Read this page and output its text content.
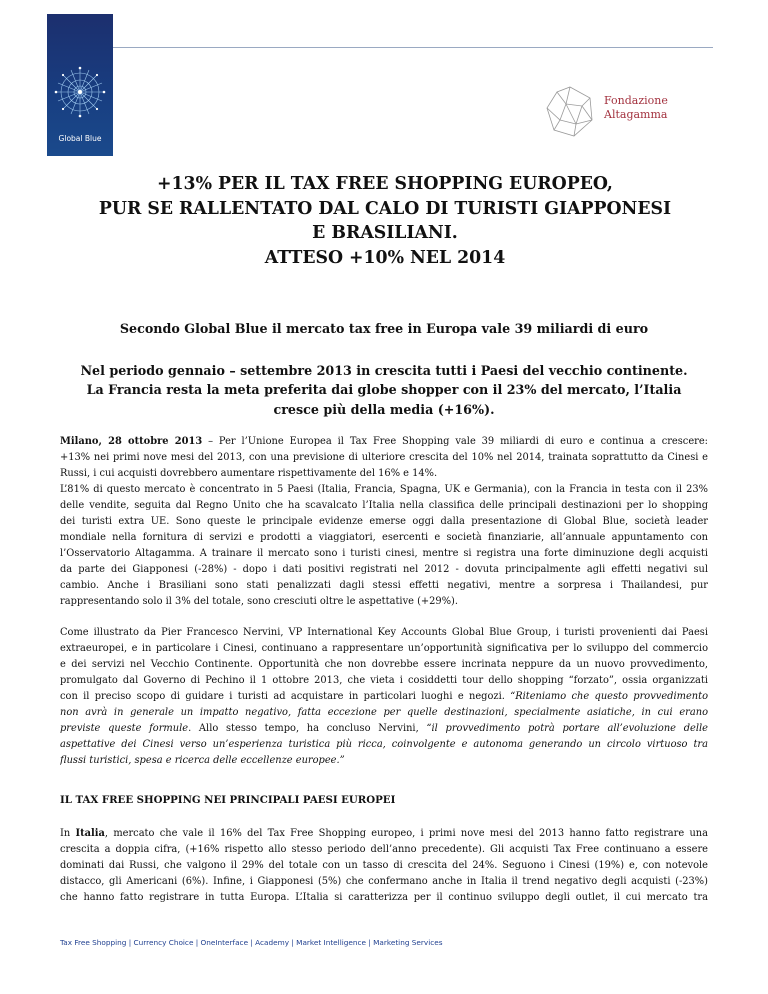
Global Blue
Fondazione
Altagamma
+13% PER IL TAX FREE SHOPPING EUROPEO,
PUR SE RALLENTATO DAL CALO DI TURISTI GIAPPONESI
E BRASILIANI.
ATTESO +10% NEL 2014
Secondo Global Blue il mercato tax free in Europa vale 39 miliardi di euro
Nel periodo gennaio – settembre 2013 in crescita tutti i Paesi del vecchio continente.
La Francia resta la meta preferita dai globe shopper con il 23% del mercato, l’Italia
cresce più della media (+16%).
Milano, 28 ottobre 2013 – Per l’Unione Europea il Tax Free Shopping vale 39 miliardi di euro e continua a crescere:
+13% nei primi nove mesi del 2013, con una previsione di ulteriore crescita del 10% nel 2014, trainata soprattutto da Cinesi e
Russi, i cui acquisti dovrebbero aumentare rispettivamente del 16% e 14%.
L’81% di questo mercato è concentrato in 5 Paesi (Italia, Francia, Spagna, UK e Germania), con la Francia in testa con il 23%
delle vendite, seguita dal Regno Unito che ha scavalcato l’Italia nella classifica delle principali destinazioni per lo shopping
dei turisti extra UE. Sono queste le principale evidenze emerse oggi dalla presentazione di Global Blue, società leader
mondiale nella fornitura di servizi e prodotti a viaggiatori, esercenti e società finanziarie, all’annuale appuntamento con
l’Osservatorio Altagamma. A trainare il mercato sono i turisti cinesi, mentre si registra una forte diminuzione degli acquisti
da parte dei Giapponesi (-28%) - dopo i dati positivi registrati nel 2012 - dovuta principalmente agli effetti negativi sul
cambio. Anche i Brasiliani sono stati penalizzati dagli stessi effetti negativi, mentre a sorpresa i Thailandesi, pur
rappresentando solo il 3% del totale, sono cresciuti oltre le aspettative (+29%).
Come illustrato da Pier Francesco Nervini, VP International Key Accounts Global Blue Group, i turisti provenienti dai Paesi
extraeuropei, e in particolare i Cinesi, continuano a rappresentare un’opportunità significativa per lo sviluppo del commercio
e dei servizi nel Vecchio Continente. Opportunità che non dovrebbe essere incrinata neppure da un nuovo provvedimento,
promulgato dal Governo di Pechino il 1 ottobre 2013, che vieta i cosiddetti tour dello shopping “forzato”, ossia organizzati
con il preciso scopo di guidare i turisti ad acquistare in particolari luoghi e negozi. “Riteniamo che questo provvedimento
non avrà in generale un impatto negativo, fatta eccezione per quelle destinazioni, specialmente asiatiche, in cui erano
previste queste formule. Allo stesso tempo, ha concluso Nervini, “il provvedimento potrà portare all’evoluzione delle
aspettative dei Cinesi verso un’esperienza turistica più ricca, coinvolgente e autonoma generando un circolo virtuoso tra
flussi turistici, spesa e ricerca delle eccellenze europee.”
IL TAX FREE SHOPPING NEI PRINCIPALI PAESI EUROPEI
In Italia, mercato che vale il 16% del Tax Free Shopping europeo, i primi nove mesi del 2013 hanno fatto registrare una
crescita a doppia cifra, (+16% rispetto allo stesso periodo dell’anno precedente). Gli acquisti Tax Free continuano a essere
dominati dai Russi, che valgono il 29% del totale con un tasso di crescita del 24%. Seguono i Cinesi (19%) e, con notevole
distacco, gli Americani (6%). Infine, i Giapponesi (5%) che confermano anche in Italia il trend negativo degli acquisti (-23%)
che hanno fatto registrare in tutta Europa. L’Italia si caratterizza per il continuo sviluppo degli outlet, il cui mercato tra
Tax Free Shopping | Currency Choice | OneInterface | Academy | Market Intelligence | Marketing Services
